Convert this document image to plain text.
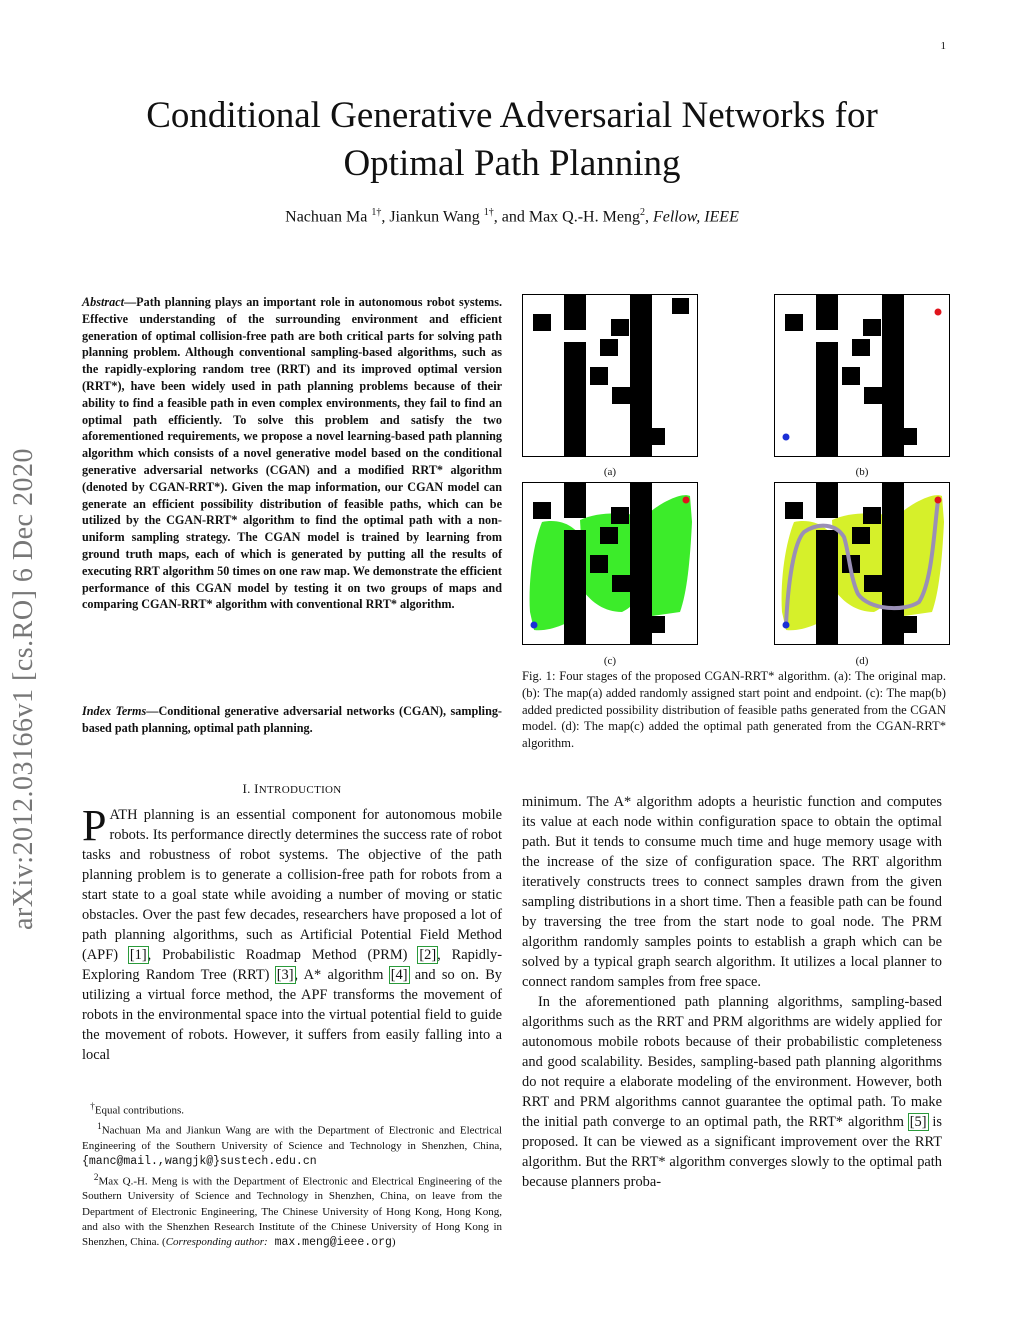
1
Conditional Generative Adversarial Networks for
Optimal Path Planning
Nachuan Ma $^{1\dagger}$, Jiankun Wang $^{1\dagger}$, and Max Q.-H. Meng$^2$, Fellow, IEEE
arXiv:2012.03166v1 [cs.RO] 6 Dec 2020
Abstract—Path planning plays an important role in autonomous robot systems. Effective understanding of the surrounding environment and efficient generation of optimal collision-free path are both critical parts for solving path planning problem. Although conventional sampling-based algorithms, such as the rapidly-exploring random tree (RRT) and its improved optimal version (RRT*), have been widely used in path planning problems because of their ability to find a feasible path in even complex environments, they fail to find an optimal path efficiently. To solve this problem and satisfy the two aforementioned requirements, we propose a novel learning-based path planning algorithm which consists of a novel generative model based on the conditional generative adversarial networks (CGAN) and a modified RRT* algorithm (denoted by CGAN-RRT*). Given the map information, our CGAN model can generate an efficient possibility distribution of feasible paths, which can be utilized by the CGAN-RRT* algorithm to find the optimal path with a non-uniform sampling strategy. The CGAN model is trained by learning from ground truth maps, each of which is generated by putting all the results of executing RRT algorithm 50 times on one raw map. We demonstrate the efficient performance of this CGAN model by testing it on two groups of maps and comparing CGAN-RRT* algorithm with conventional RRT* algorithm.
Index Terms—Conditional generative adversarial networks (CGAN), sampling-based path planning, optimal path planning.
I. INTRODUCTION
PATH planning is an essential component for autonomous mobile robots. Its performance directly determines the success rate of robot tasks and robustness of robot systems. The objective of the path planning problem is to generate a collision-free path for robots from a start state to a goal state while avoiding a number of moving or static obstacles. Over the past few decades, researchers have proposed a lot of path planning algorithms, such as Artificial Potential Field Method (APF) [1], Probabilistic Roadmap Method (PRM) [2], Rapidly-Exploring Random Tree (RRT) [3], A* algorithm [4] and so on. By utilizing a virtual force method, the APF transforms the movement of robots in the environmental space into the virtual potential field to guide the movement of robots. However, it suffers from easily falling into a local
†Equal contributions.
$^1$Nachuan Ma and Jiankun Wang are with the Department of Electronic and Electrical Engineering of the Southern University of Science and Technology in Shenzhen, China, {manc@mail.,wangjk@}sustech.edu.cn
$^2$Max Q.-H. Meng is with the Department of Electronic and Electrical Engineering of the Southern University of Science and Technology in Shenzhen, China, on leave from the Department of Electronic Engineering, The Chinese University of Hong Kong, Hong Kong, and also with the Shenzhen Research Institute of the Chinese University of Hong Kong in Shenzhen, China. (Corresponding author: max.meng@ieee.org)
(a)	(b)
(c)	(d)
Fig. 1: Four stages of the proposed CGAN-RRT* algorithm. (a): The original map. (b): The map(a) added randomly assigned start point and endpoint. (c): The map(b) added predicted possibility distribution of feasible paths generated from the CGAN model. (d): The map(c) added the optimal path generated from the CGAN-RRT* algorithm.

minimum. The A* algorithm adopts a heuristic function and computes its value at each node within configuration space to obtain the optimal path. But it tends to consume much time and huge memory usage with the increase of the size of configuration space. The RRT algorithm iteratively constructs trees to connect samples drawn from the given sampling distributions in a short time. Then a feasible path can be found by traversing the tree from the start node to goal node. The PRM algorithm randomly samples points to establish a graph which can be solved by a typical graph search algorithm. It utilizes a local planner to connect random samples from free space.

In the aforementioned path planning algorithms, sampling-based algorithms such as the RRT and PRM algorithms are widely applied for autonomous mobile robots because of their probabilistic completeness and good scalability. Besides, sampling-based path planning algorithms do not require a elaborate modeling of the environment. However, both RRT and PRM algorithms cannot guarantee the optimal path. To make the initial path converge to an optimal path, the RRT* algorithm [5] is proposed. It can be viewed as a significant improvement over the RRT algorithm. But the RRT* algorithm converges slowly to the optimal path because planners proba-
